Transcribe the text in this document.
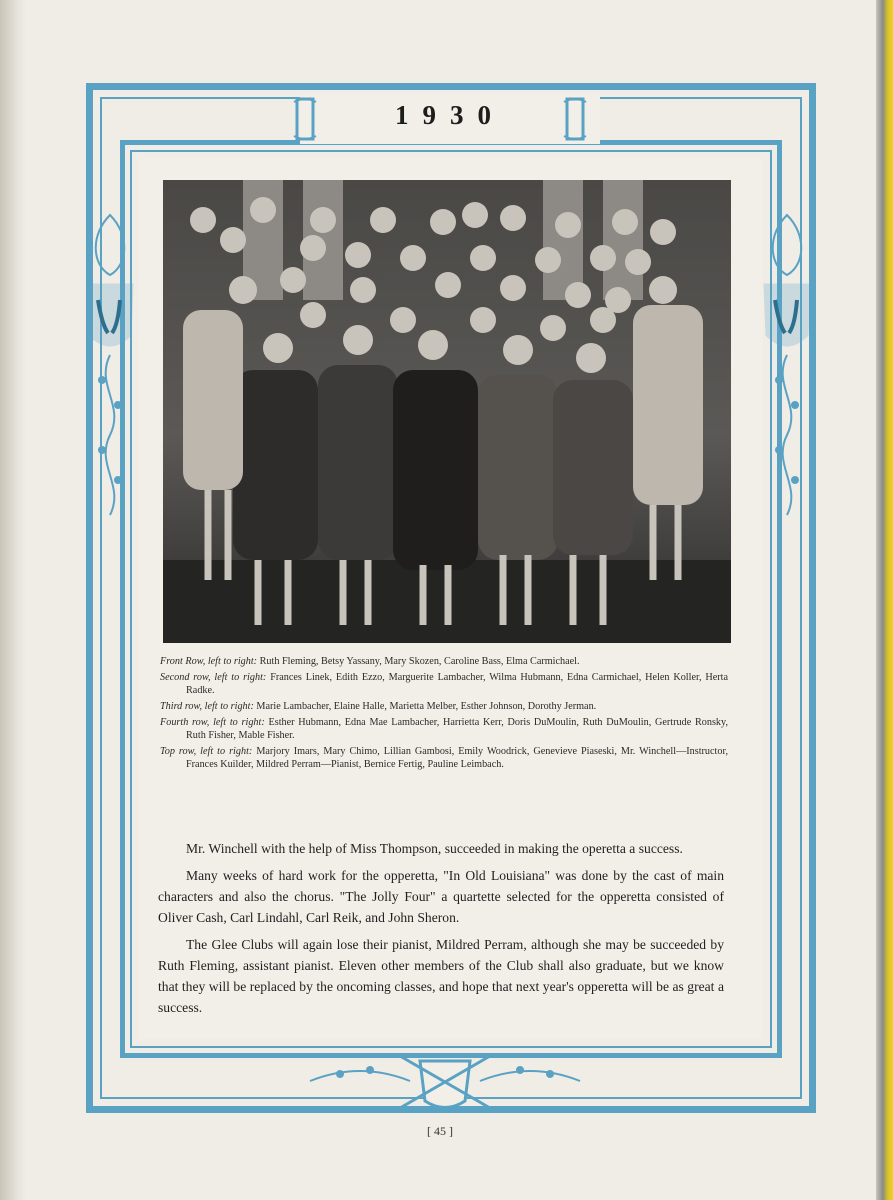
1930

Front Row, left to right: Ruth Fleming, Betsy Yassany, Mary Skozen, Caroline Bass, Elma Carmichael.

Second row, left to right: Frances Linek, Edith Ezzo, Marguerite Lambacher, Wilma Hubmann, Edna Carmichael, Helen Koller, Herta Radke.

Third row, left to right: Marie Lambacher, Elaine Halle, Marietta Melber, Esther Johnson, Dorothy Jerman.

Fourth row, left to right: Esther Hubmann, Edna Mae Lambacher, Harrietta Kerr, Doris DuMoulin, Ruth DuMoulin, Gertrude Ronsky, Ruth Fisher, Mable Fisher.

Top row, left to right: Marjory Imars, Mary Chimo, Lillian Gambosi, Emily Woodrick, Genevieve Piaseski, Mr. Winchell—Instructor, Frances Kuilder, Mildred Perram—Pianist, Bernice Fertig, Pauline Leimbach.

Mr. Winchell with the help of Miss Thompson, succeeded in making the operetta a success.

Many weeks of hard work for the opperetta, "In Old Louisiana" was done by the cast of main characters and also the chorus. "The Jolly Four" a quartette selected for the opperetta consisted of Oliver Cash, Carl Lindahl, Carl Reik, and John Sheron.

The Glee Clubs will again lose their pianist, Mildred Perram, although she may be succeeded by Ruth Fleming, assistant pianist. Eleven other members of the Club shall also graduate, but we know that they will be replaced by the oncoming classes, and hope that next year's opperetta will be as great a success.

[ 45 ]
